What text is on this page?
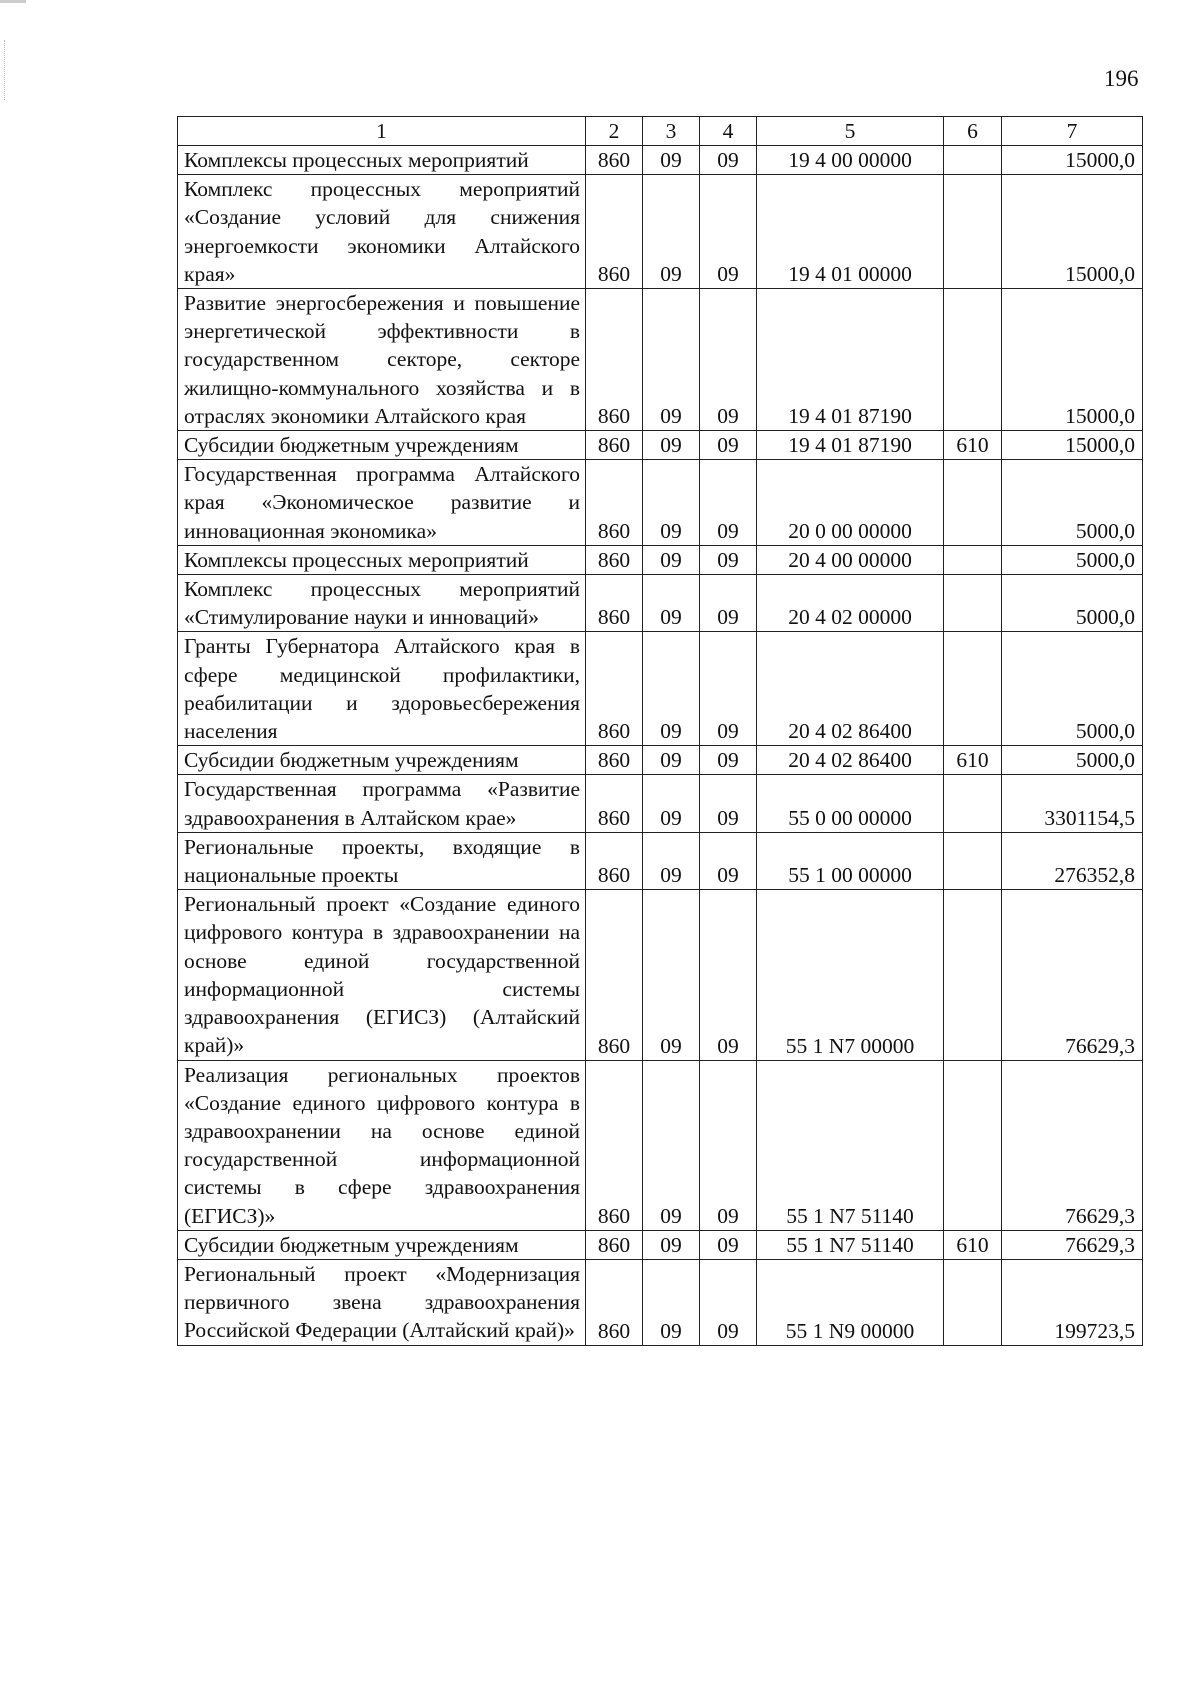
196
1	2	3	4	5	6	7
Комплексы процессных мероприятий	860	09	09	19 4 00 00000		15000,0
Комплекс процессных мероприятий «Создание условий для снижения энергоемкости экономики Алтайского края»	860	09	09	19 4 01 00000		15000,0
Развитие энергосбережения и повышение энергетической эффективности в государственном секторе, секторе жилищно-коммунального хозяйства и в отраслях экономики Алтайского края	860	09	09	19 4 01 87190		15000,0
Субсидии бюджетным учреждениям	860	09	09	19 4 01 87190	610	15000,0
Государственная программа Алтайского края «Экономическое развитие и инновационная экономика»	860	09	09	20 0 00 00000		5000,0
Комплексы процессных мероприятий	860	09	09	20 4 00 00000		5000,0
Комплекс процессных мероприятий «Стимулирование науки и инноваций»	860	09	09	20 4 02 00000		5000,0
Гранты Губернатора Алтайского края в сфере медицинской профилактики, реабилитации и здоровьесбережения населения	860	09	09	20 4 02 86400		5000,0
Субсидии бюджетным учреждениям	860	09	09	20 4 02 86400	610	5000,0
Государственная программа «Развитие здравоохранения в Алтайском крае»	860	09	09	55 0 00 00000		3301154,5
Региональные проекты, входящие в национальные проекты	860	09	09	55 1 00 00000		276352,8
Региональный проект «Создание единого цифрового контура в здравоохранении на основе единой государственной информационной системы здравоохранения (ЕГИСЗ) (Алтайский край)»	860	09	09	55 1 N7 00000		76629,3
Реализация региональных проектов «Создание единого цифрового контура в здравоохранении на основе единой государственной информационной системы в сфере здравоохранения (ЕГИСЗ)»	860	09	09	55 1 N7 51140		76629,3
Субсидии бюджетным учреждениям	860	09	09	55 1 N7 51140	610	76629,3
Региональный проект «Модернизация первичного звена здравоохранения Российской Федерации (Алтайский край)»	860	09	09	55 1 N9 00000		199723,5
